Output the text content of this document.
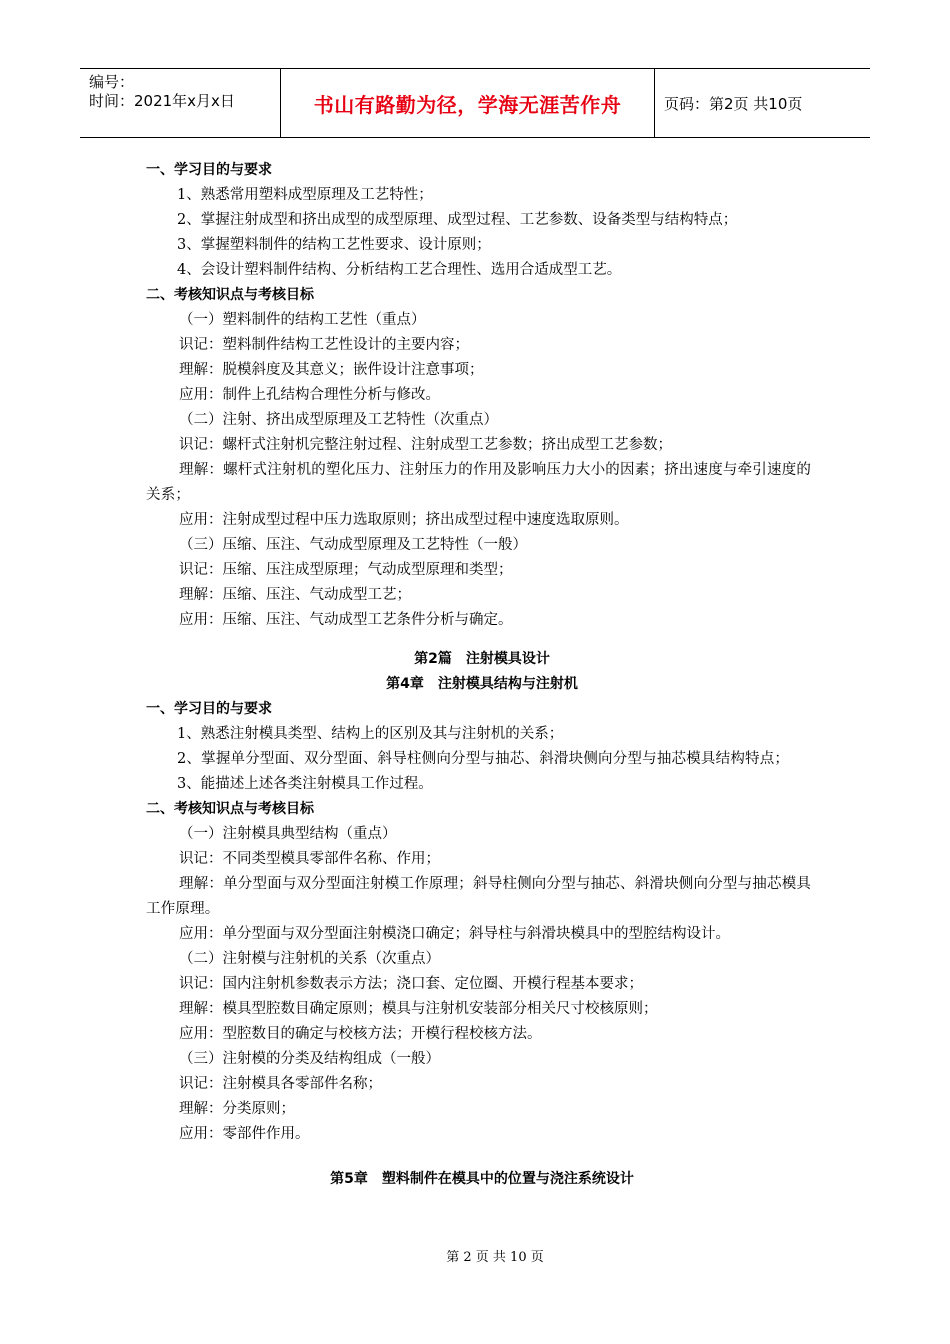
编号：
时间：2021年x月x日	书山有路勤为径，学海无涯苦作舟	页码：第2页 共10页
一、学习目的与要求
1、熟悉常用塑料成型原理及工艺特性；
2、掌握注射成型和挤出成型的成型原理、成型过程、工艺参数、设备类型与结构特点；
3、掌握塑料制件的结构工艺性要求、设计原则；
4、会设计塑料制件结构、分析结构工艺合理性、选用合适成型工艺。
二、考核知识点与考核目标
（一）塑料制件的结构工艺性（重点）
识记：塑料制件结构工艺性设计的主要内容；
理解：脱模斜度及其意义；嵌件设计注意事项；
应用：制件上孔结构合理性分析与修改。
（二）注射、挤出成型原理及工艺特性（次重点）
识记：螺杆式注射机完整注射过程、注射成型工艺参数；挤出成型工艺参数；
理解：螺杆式注射机的塑化压力、注射压力的作用及影响压力大小的因素；挤出速度与牵引速度的关系；
应用：注射成型过程中压力选取原则；挤出成型过程中速度选取原则。
（三）压缩、压注、气动成型原理及工艺特性（一般）
识记：压缩、压注成型原理；气动成型原理和类型；
理解：压缩、压注、气动成型工艺；
应用：压缩、压注、气动成型工艺条件分析与确定。
第2篇　注射模具设计
第4章　注射模具结构与注射机
一、学习目的与要求
1、熟悉注射模具类型、结构上的区别及其与注射机的关系；
2、掌握单分型面、双分型面、斜导柱侧向分型与抽芯、斜滑块侧向分型与抽芯模具结构特点；
3、能描述上述各类注射模具工作过程。
二、考核知识点与考核目标
（一）注射模具典型结构（重点）
识记：不同类型模具零部件名称、作用；
理解：单分型面与双分型面注射模工作原理；斜导柱侧向分型与抽芯、斜滑块侧向分型与抽芯模具工作原理。
应用：单分型面与双分型面注射模浇口确定；斜导柱与斜滑块模具中的型腔结构设计。
（二）注射模与注射机的关系（次重点）
识记：国内注射机参数表示方法；浇口套、定位圈、开模行程基本要求；
理解：模具型腔数目确定原则；模具与注射机安装部分相关尺寸校核原则；
应用：型腔数目的确定与校核方法；开模行程校核方法。
（三）注射模的分类及结构组成（一般）
识记：注射模具各零部件名称；
理解：分类原则；
应用：零部件作用。
第5章　塑料制件在模具中的位置与浇注系统设计
第 2 页 共 10 页
